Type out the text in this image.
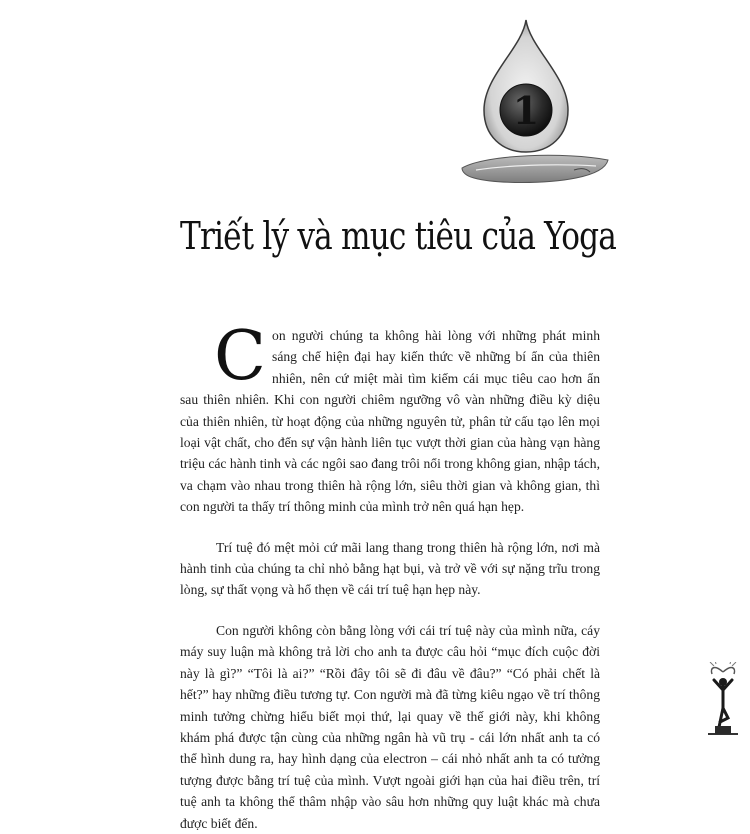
1
Triết lý và mục tiêu của Yoga

Con người chúng ta không hài lòng với những phát minh sáng chế hiện đại hay kiến thức về những bí ẩn của thiên nhiên, nên cứ miệt mài tìm kiếm cái mục tiêu cao hơn ẩn sau thiên nhiên. Khi con người chiêm ngưỡng vô vàn những điều kỳ diệu của thiên nhiên, từ hoạt động của những nguyên tử, phân tử cấu tạo lên mọi loại vật chất, cho đến sự vận hành liên tục vượt thời gian của hàng vạn hàng triệu các hành tinh và các ngôi sao đang trôi nổi trong không gian, nhập tách, va chạm vào nhau trong thiên hà rộng lớn, siêu thời gian và không gian, thì con người ta thấy trí thông minh của mình trở nên quá hạn hẹp.

Trí tuệ đó mệt mỏi cứ mãi lang thang trong thiên hà rộng lớn, nơi mà hành tinh của chúng ta chỉ nhỏ bằng hạt bụi, và trở về với sự nặng trĩu trong lòng, sự thất vọng và hổ thẹn về cái trí tuệ hạn hẹp này.

Con người không còn bằng lòng với cái trí tuệ này của mình nữa, cáy máy suy luận mà không trả lời cho anh ta được câu hỏi “mục đích cuộc đời này là gì?” “Tôi là ai?” “Rồi đây tôi sẽ đi đâu về đâu?” “Có phải chết là hết?” hay những điều tương tự. Con người mà đã từng kiêu ngạo về trí thông minh tưởng chừng hiểu biết mọi thứ, lại quay về thế giới này, khi không khám phá được tận cùng của những ngân hà vũ trụ - cái lớn nhất anh ta có thể hình dung ra, hay hình dạng của electron – cái nhỏ nhất anh ta có tưởng tượng được bằng trí tuệ của mình. Vượt ngoài giới hạn của hai điều trên, trí tuệ anh ta không thể thâm nhập vào sâu hơn những quy luật khác mà chưa được biết đến.
